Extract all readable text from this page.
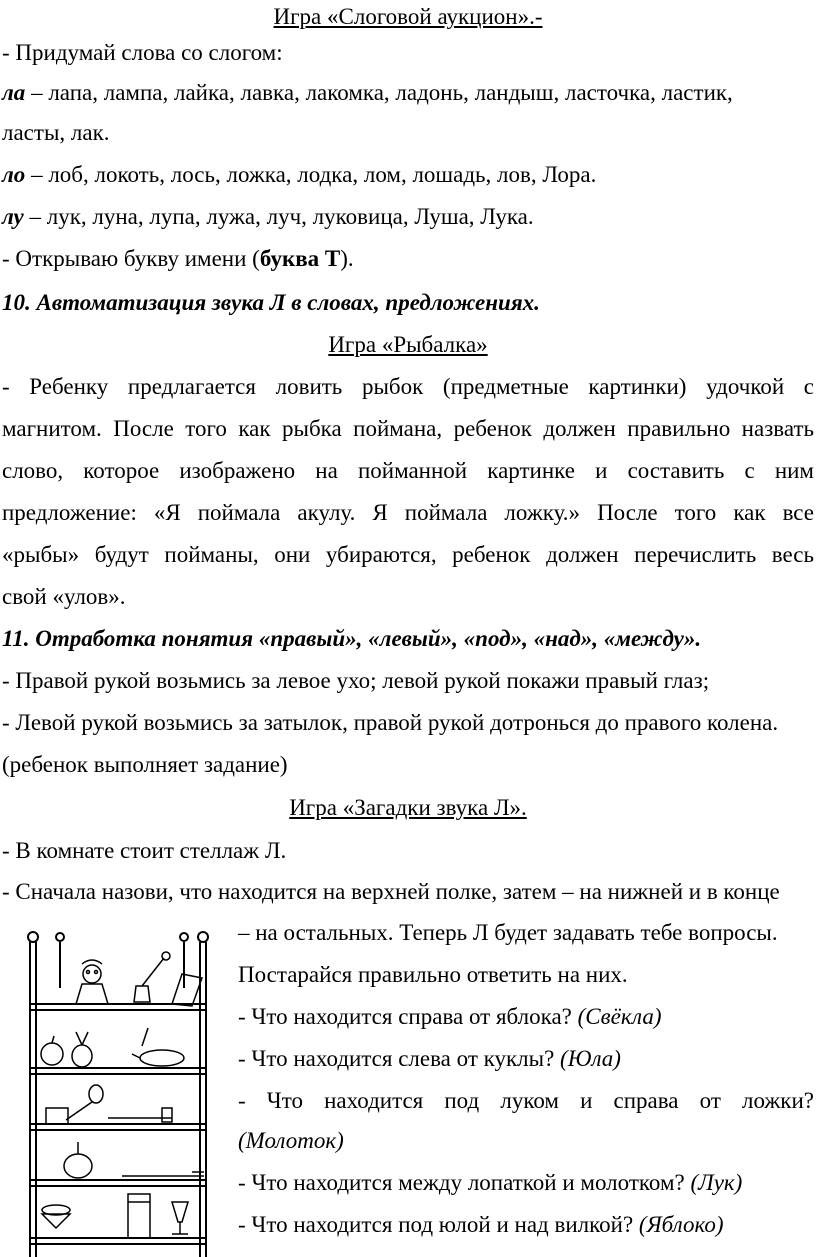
Игра «Слоговой аукцион».-
- Придумай слова со слогом:
ла – лапа, лампа, лайка, лавка, лакомка, ладонь, ландыш, ласточка, ластик,
ласты, лак.
ло – лоб, локоть, лось, ложка, лодка, лом, лошадь, лов, Лора.
лу – лук, луна, лупа, лужа, луч, луковица, Луша, Лука.
- Открываю букву имени (буква Т).
10. Автоматизация звука Л в словах, предложениях.
Игра «Рыбалка»
- Ребенку предлагается ловить рыбок (предметные картинки) удочкой с
магнитом. После того как рыбка поймана, ребенок должен правильно назвать
слово, которое изображено на пойманной картинке и составить с ним
предложение: «Я поймала акулу. Я поймала ложку.» После того как все
«рыбы» будут пойманы, они убираются, ребенок должен перечислить весь
свой «улов».
11. Отработка понятия «правый», «левый», «под», «над», «между».
- Правой рукой возьмись за левое ухо; левой рукой покажи правый глаз;
- Левой рукой возьмись за затылок, правой рукой дотронься до правого колена.
(ребенок выполняет задание)
Игра «Загадки звука Л».
- В комнате стоит стеллаж Л.
- Сначала назови, что находится на верхней полке, затем – на нижней и в конце
– на остальных. Теперь Л будет задавать тебе вопросы.
Постарайся правильно ответить на них.
- Что находится справа от яблока? (Свёкла)
- Что находится слева от куклы? (Юла)
- Что находится под луком и справа от ложки?
(Молоток)
- Что находится между лопаткой и молотком? (Лук)
- Что находится под юлой и над вилкой? (Яблоко)
